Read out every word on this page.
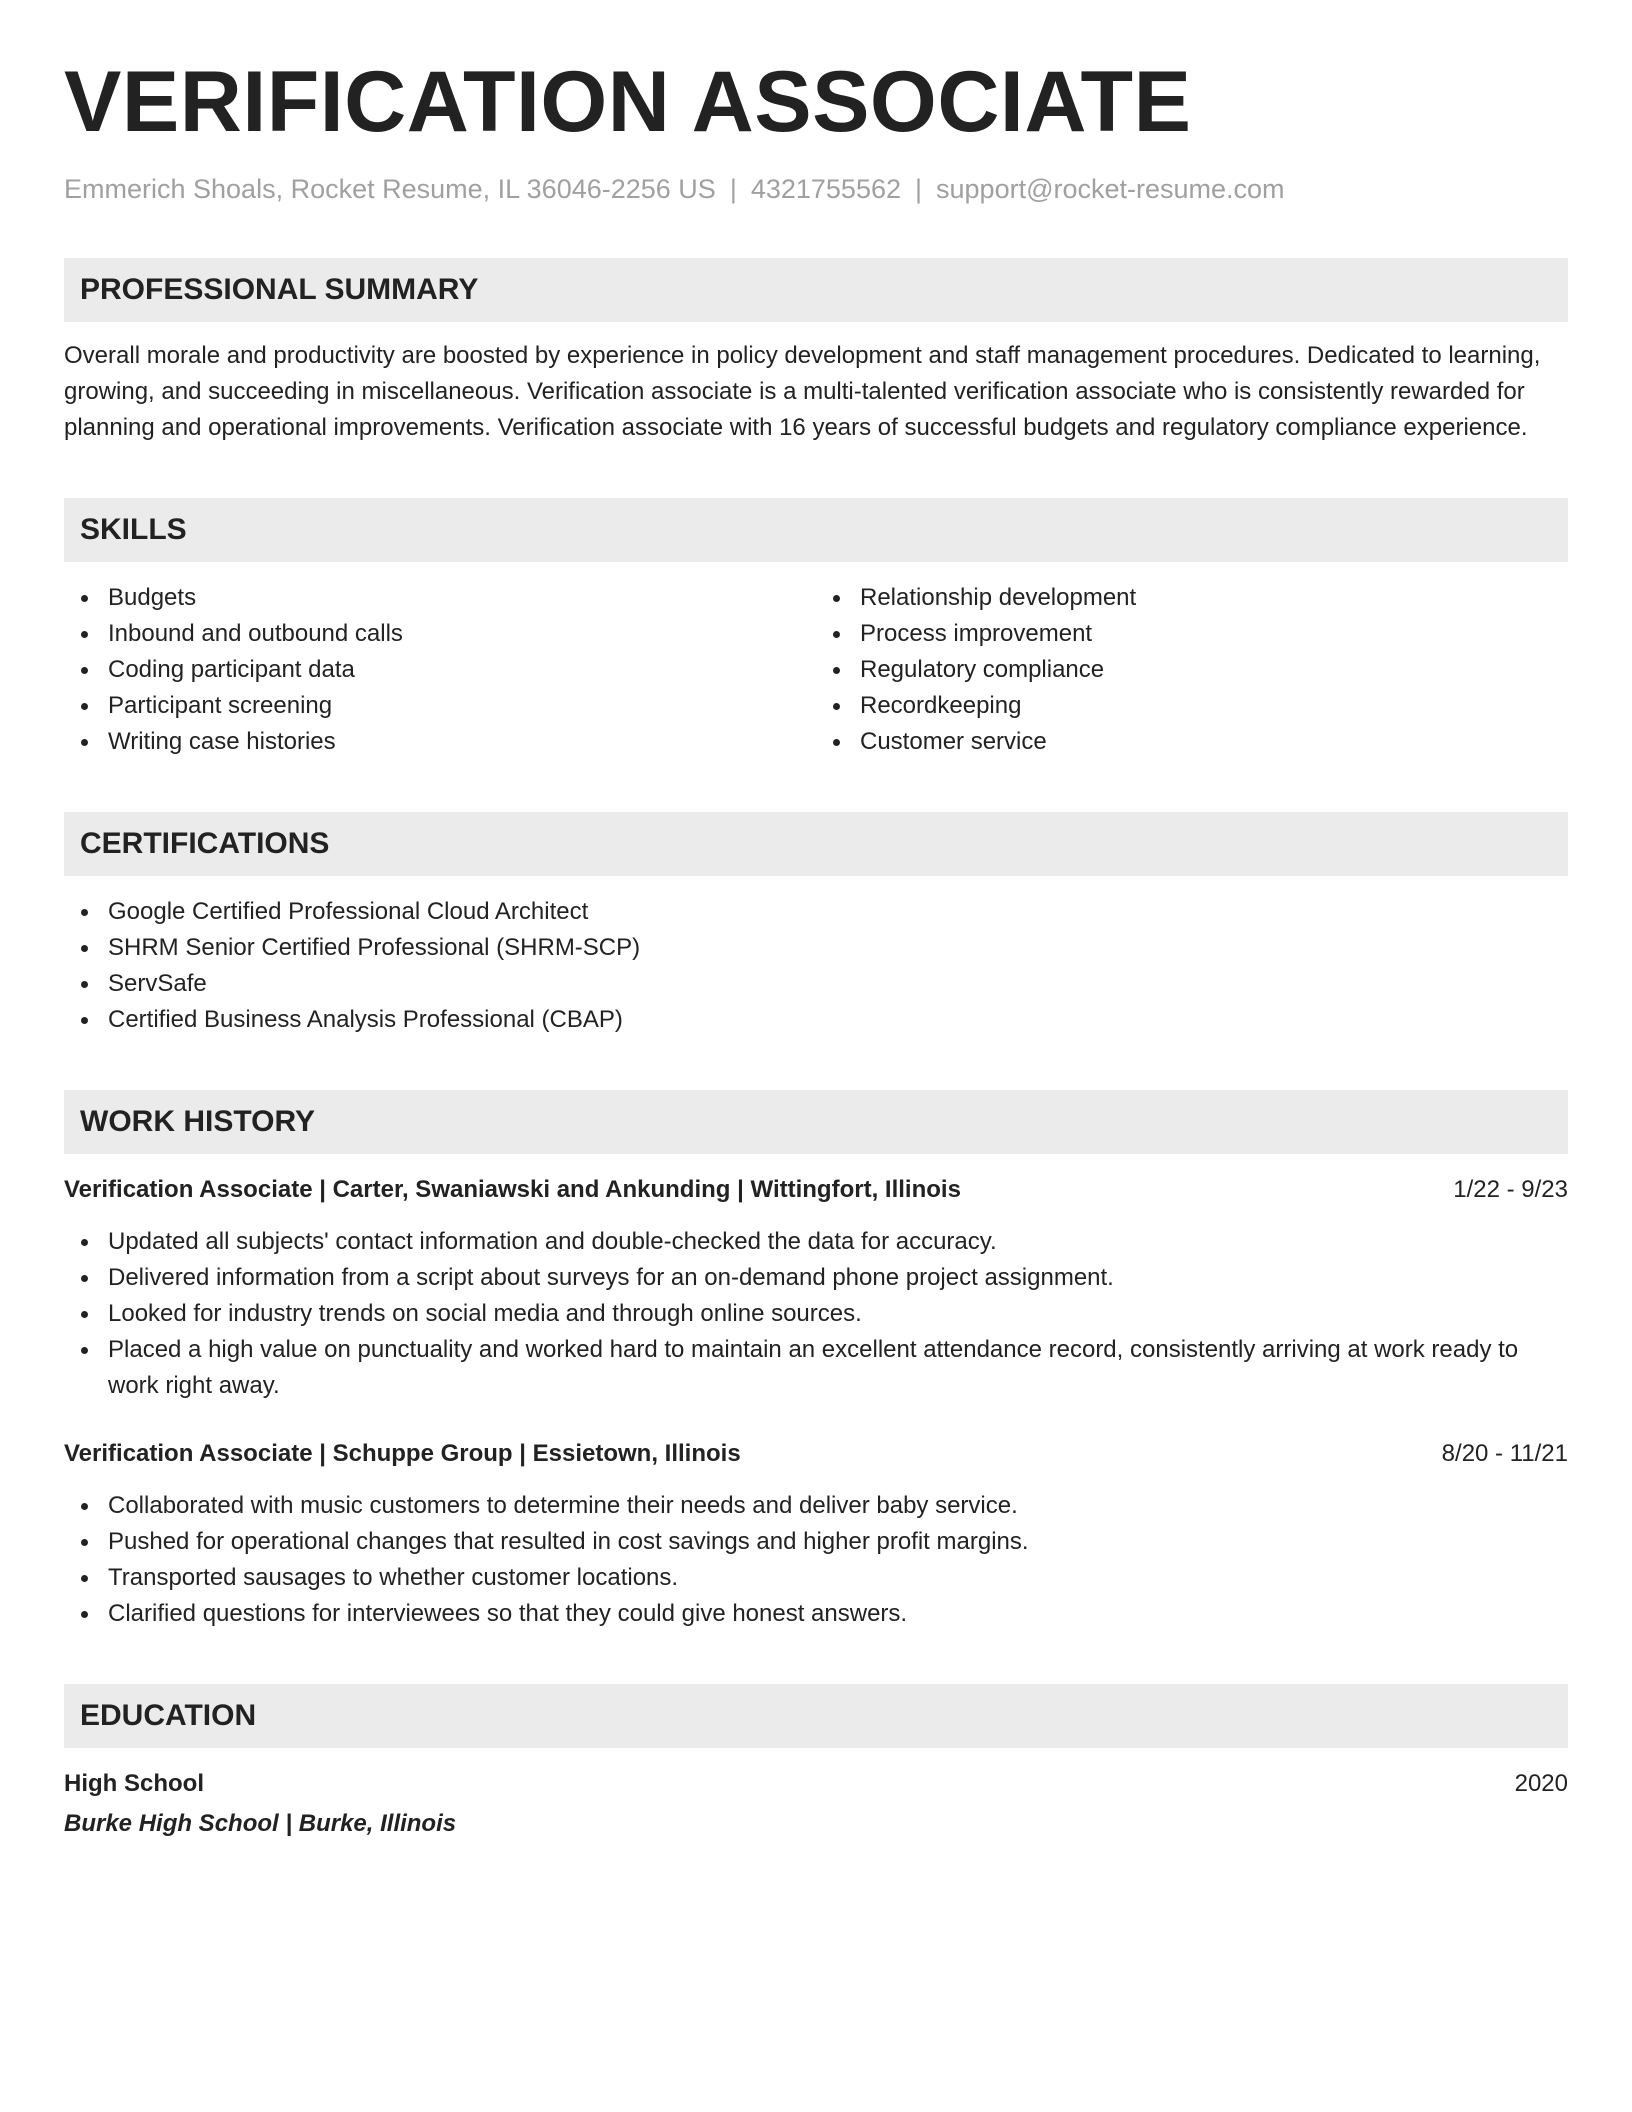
VERIFICATION ASSOCIATE
Emmerich Shoals, Rocket Resume, IL 36046-2256 US | 4321755562 | support@rocket-resume.com
PROFESSIONAL SUMMARY

Overall morale and productivity are boosted by experience in policy development and staff management procedures. Dedicated to learning, growing, and succeeding in miscellaneous. Verification associate is a multi-talented verification associate who is consistently rewarded for planning and operational improvements. Verification associate with 16 years of successful budgets and regulatory compliance experience.

SKILLS
Budgets
Inbound and outbound calls
Coding participant data
Participant screening
Writing case histories
Relationship development
Process improvement
Regulatory compliance
Recordkeeping
Customer service
CERTIFICATIONS
Google Certified Professional Cloud Architect
SHRM Senior Certified Professional (SHRM-SCP)
ServSafe
Certified Business Analysis Professional (CBAP)
WORK HISTORY
Verification Associate | Carter, Swaniawski and Ankunding | Wittingfort, Illinois	1/22 - 9/23
Updated all subjects' contact information and double-checked the data for accuracy.
Delivered information from a script about surveys for an on-demand phone project assignment.
Looked for industry trends on social media and through online sources.
Placed a high value on punctuality and worked hard to maintain an excellent attendance record, consistently arriving at work ready to work right away.
Verification Associate | Schuppe Group | Essietown, Illinois	8/20 - 11/21
Collaborated with music customers to determine their needs and deliver baby service.
Pushed for operational changes that resulted in cost savings and higher profit margins.
Transported sausages to whether customer locations.
Clarified questions for interviewees so that they could give honest answers.
EDUCATION
High School	2020
Burke High School | Burke, Illinois
